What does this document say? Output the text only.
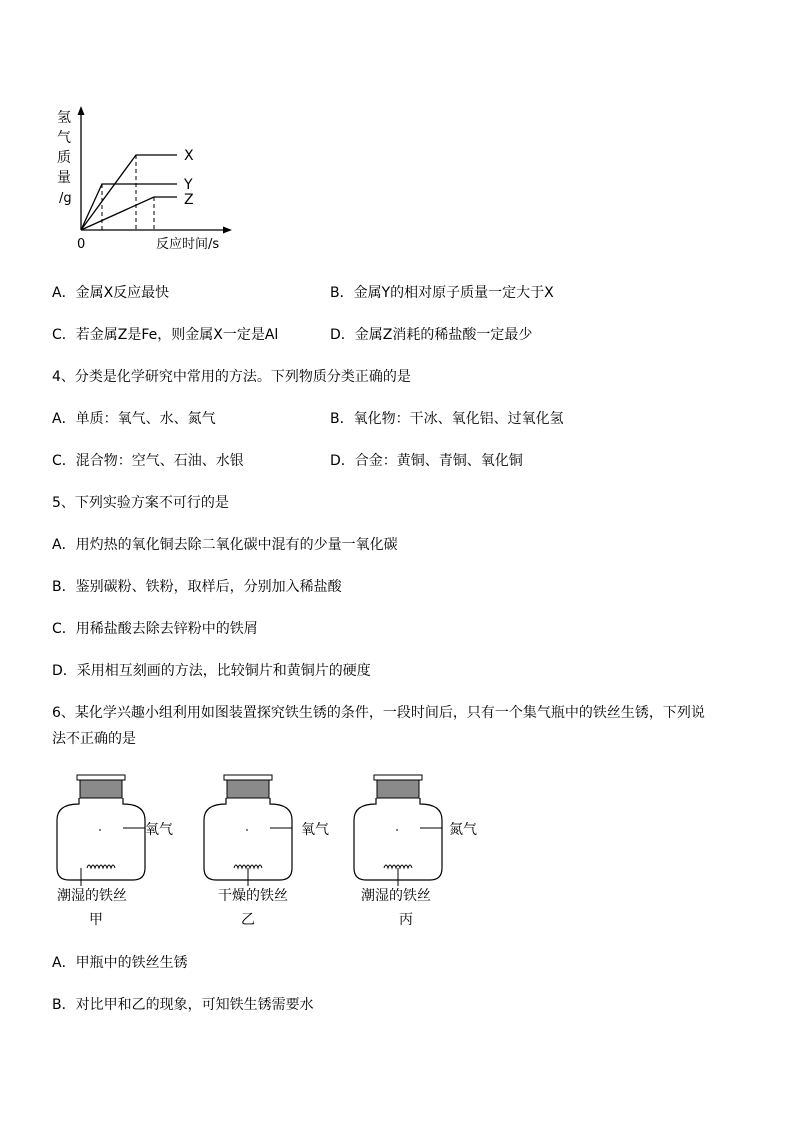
氢
气
质
量
/g
0	反应时间/s
X
Y
Z
A．金属X反应最快	B．金属Y的相对原子质量一定大于X
C．若金属Z是Fe，则金属X一定是Al	D．金属Z消耗的稀盐酸一定最少
4、分类是化学研究中常用的方法。下列物质分类正确的是
A．单质：氧气、水、氮气	B．氧化物：干冰、氧化铝、过氧化氢
C．混合物：空气、石油、水银	D．合金：黄铜、青铜、氧化铜
5、下列实验方案不可行的是
A．用灼热的氧化铜去除二氧化碳中混有的少量一氧化碳
B．鉴别碳粉、铁粉，取样后，分别加入稀盐酸
C．用稀盐酸去除去锌粉中的铁屑
D．采用相互刻画的方法，比较铜片和黄铜片的硬度
6、某化学兴趣小组利用如图装置探究铁生锈的条件，一段时间后，只有一个集气瓶中的铁丝生锈，下列说
法不正确的是
氧气
潮湿的铁丝
甲
氧气
干燥的铁丝
乙
氮气
潮湿的铁丝
丙
A．甲瓶中的铁丝生锈
B．对比甲和乙的现象，可知铁生锈需要水
